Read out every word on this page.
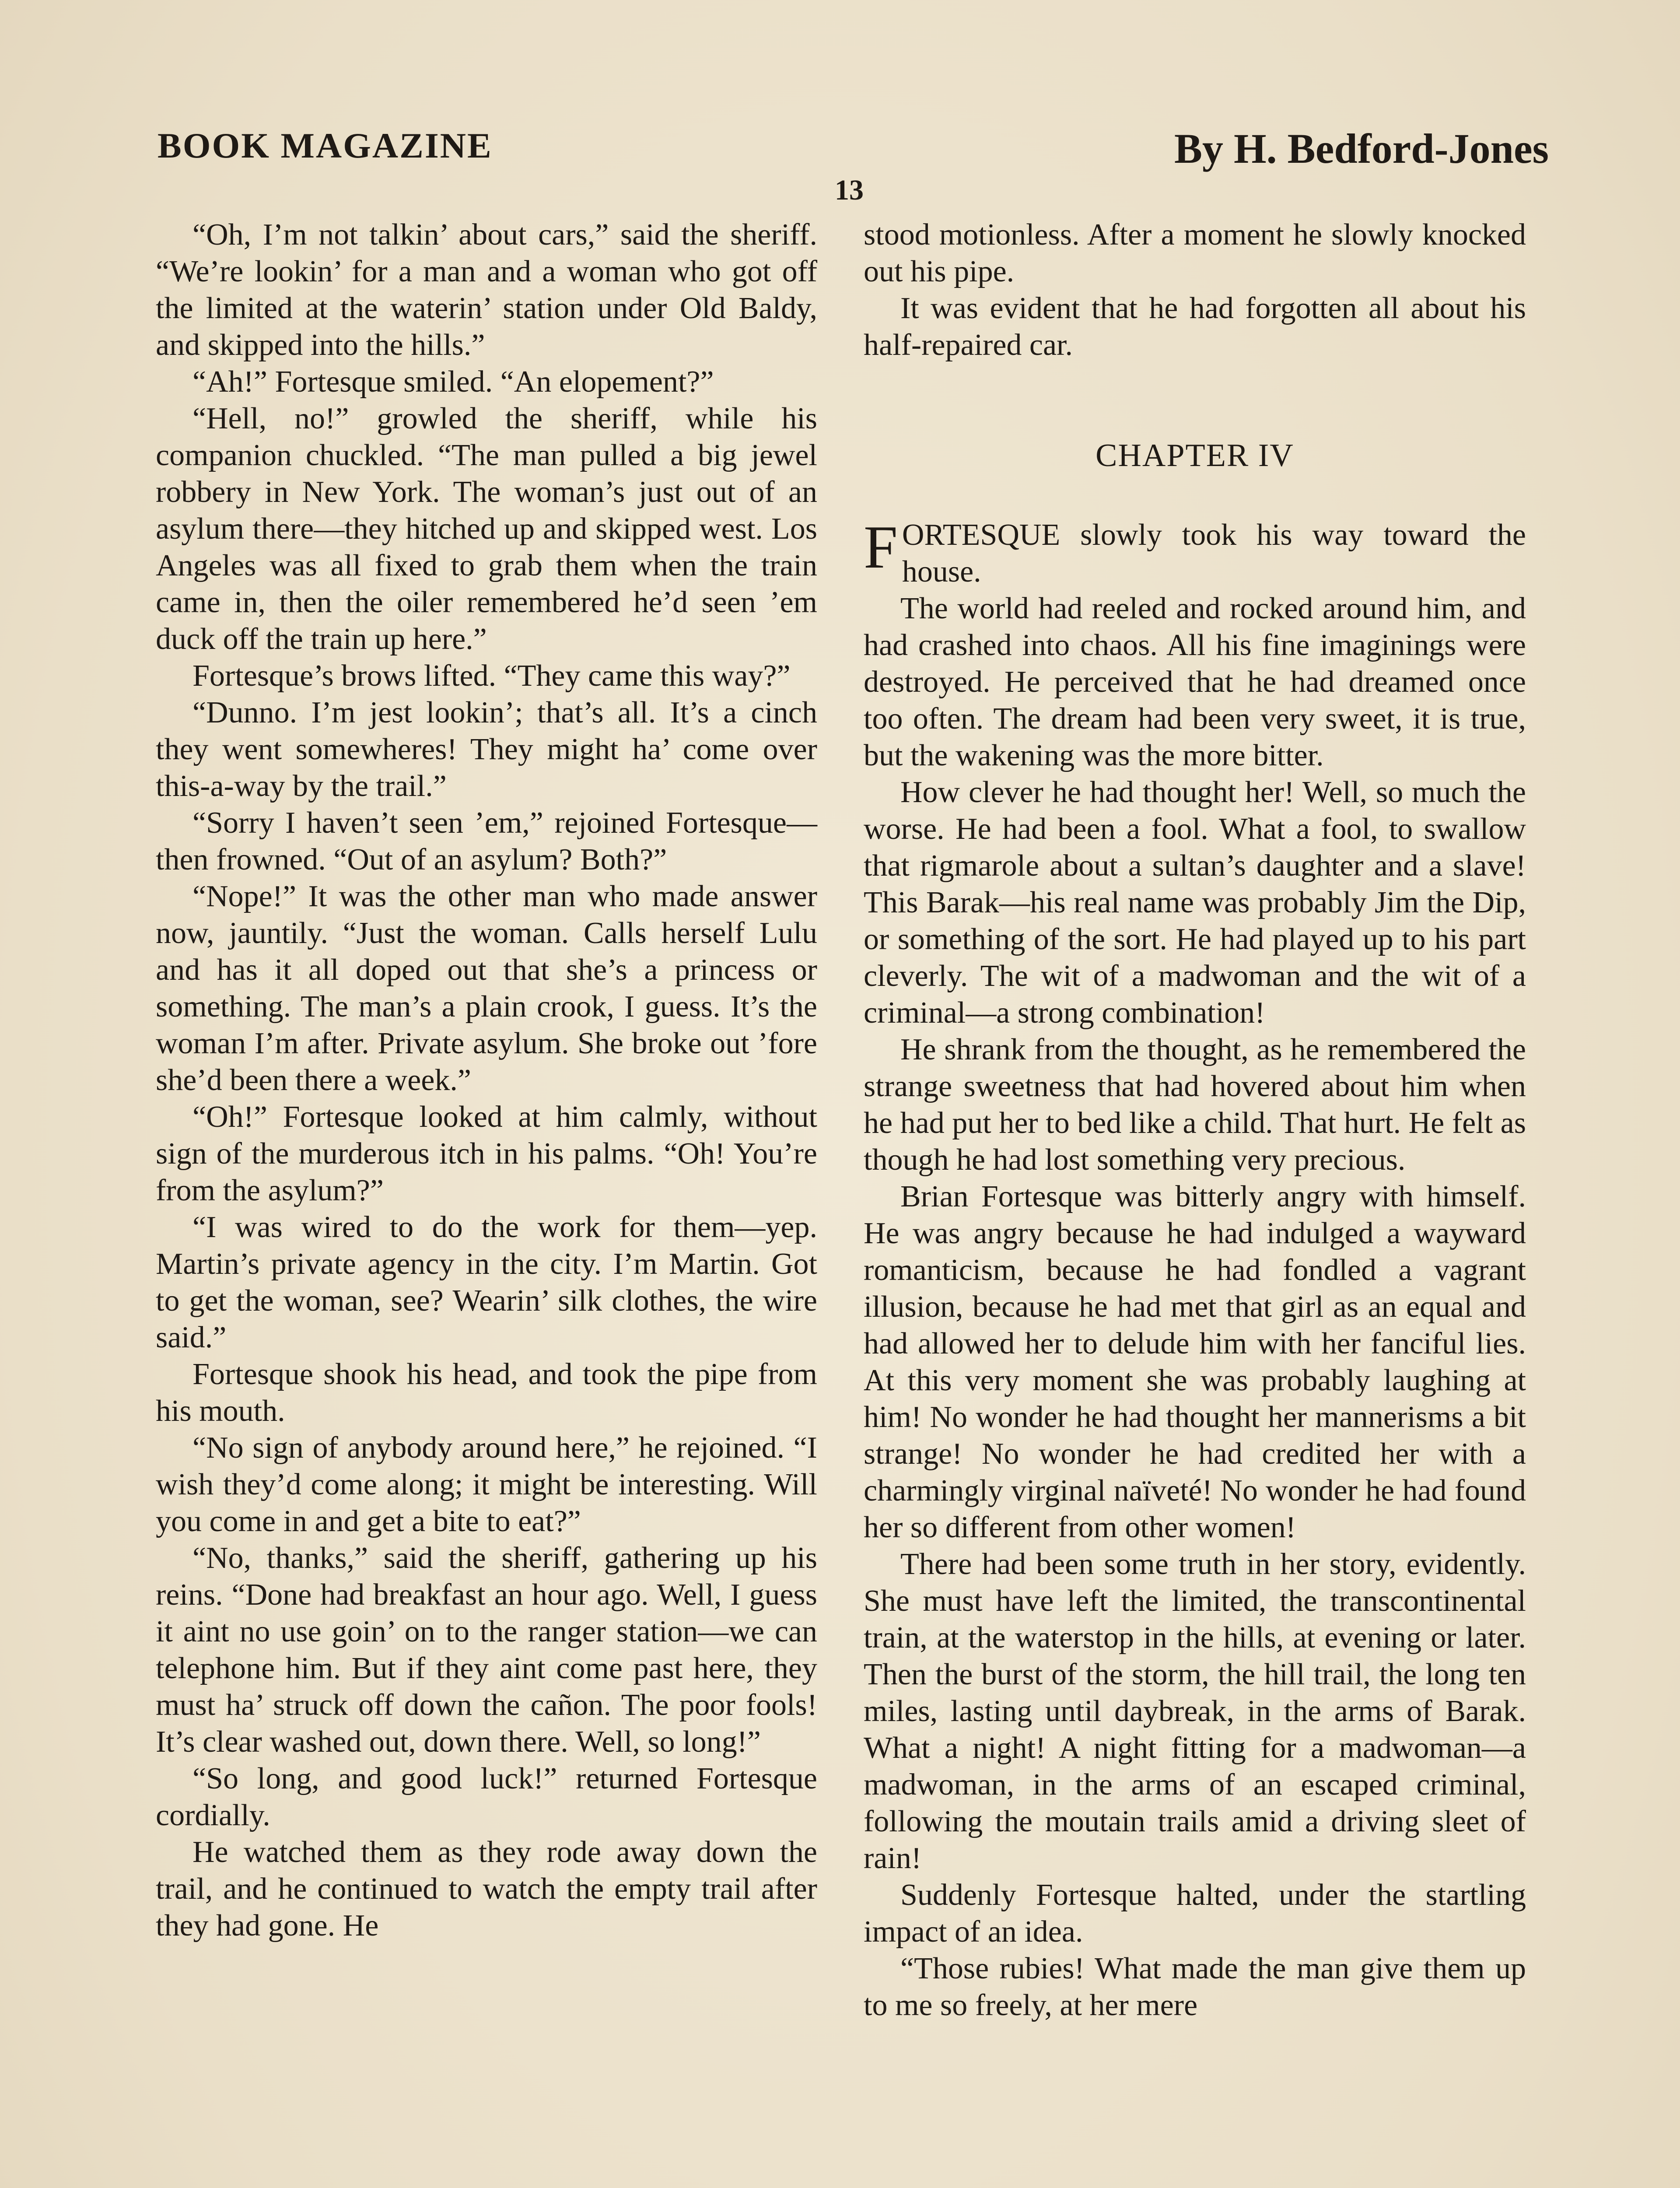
BOOK MAGAZINE	By H. Bedford-Jones
13

“Oh, I’m not talkin’ about cars,” said the sheriff. “We’re lookin’ for a man and a woman who got off the limited at the waterin’ station under Old Baldy, and skipped into the hills.”

“Ah!” Fortesque smiled. “An elopement?”

“Hell, no!” growled the sheriff, while his companion chuckled. “The man pulled a big jewel robbery in New York. The woman’s just out of an asylum there—they hitched up and skipped west. Los Angeles was all fixed to grab them when the train came in, then the oiler remembered he’d seen ’em duck off the train up here.”

Fortesque’s brows lifted. “They came this way?”

“Dunno. I’m jest lookin’; that’s all. It’s a cinch they went somewheres! They might ha’ come over this-a-way by the trail.”

“Sorry I haven’t seen ’em,” rejoined Fortesque—then frowned. “Out of an asylum? Both?”

“Nope!” It was the other man who made answer now, jauntily. “Just the woman. Calls herself Lulu and has it all doped out that she’s a princess or something. The man’s a plain crook, I guess. It’s the woman I’m after. Private asylum. She broke out ’fore she’d been there a week.”

“Oh!” Fortesque looked at him calmly, without sign of the murderous itch in his palms. “Oh! You’re from the asylum?”

“I was wired to do the work for them—yep. Martin’s private agency in the city. I’m Martin. Got to get the woman, see? Wearin’ silk clothes, the wire said.”

Fortesque shook his head, and took the pipe from his mouth.

“No sign of anybody around here,” he rejoined. “I wish they’d come along; it might be interesting. Will you come in and get a bite to eat?”

“No, thanks,” said the sheriff, gathering up his reins. “Done had breakfast an hour ago. Well, I guess it aint no use goin’ on to the ranger station—we can telephone him. But if they aint come past here, they must ha’ struck off down the cañon. The poor fools! It’s clear washed out, down there. Well, so long!”

“So long, and good luck!” returned Fortesque cordially.

He watched them as they rode away down the trail, and he continued to watch the empty trail after they had gone. He

stood motionless. After a moment he slowly knocked out his pipe.

It was evident that he had forgotten all about his half-repaired car.

CHAPTER IV

FORTESQUE slowly took his way toward the house.

The world had reeled and rocked around him, and had crashed into chaos. All his fine imaginings were destroyed. He perceived that he had dreamed once too often. The dream had been very sweet, it is true, but the wakening was the more bitter.

How clever he had thought her! Well, so much the worse. He had been a fool. What a fool, to swallow that rigmarole about a sultan’s daughter and a slave! This Barak—his real name was probably Jim the Dip, or something of the sort. He had played up to his part cleverly. The wit of a madwoman and the wit of a criminal—a strong combination!

He shrank from the thought, as he remembered the strange sweetness that had hovered about him when he had put her to bed like a child. That hurt. He felt as though he had lost something very precious.

Brian Fortesque was bitterly angry with himself. He was angry because he had indulged a wayward romanticism, because he had fondled a vagrant illusion, because he had met that girl as an equal and had allowed her to delude him with her fanciful lies. At this very moment she was probably laughing at him! No wonder he had thought her mannerisms a bit strange! No wonder he had credited her with a charmingly virginal naïveté! No wonder he had found her so different from other women!

There had been some truth in her story, evidently. She must have left the limited, the transcontinental train, at the waterstop in the hills, at evening or later. Then the burst of the storm, the hill trail, the long ten miles, lasting until daybreak, in the arms of Barak. What a night! A night fitting for a madwoman—a madwoman, in the arms of an escaped criminal, following the moutain trails amid a driving sleet of rain!

Suddenly Fortesque halted, under the startling impact of an idea.

“Those rubies! What made the man give them up to me so freely, at her mere
